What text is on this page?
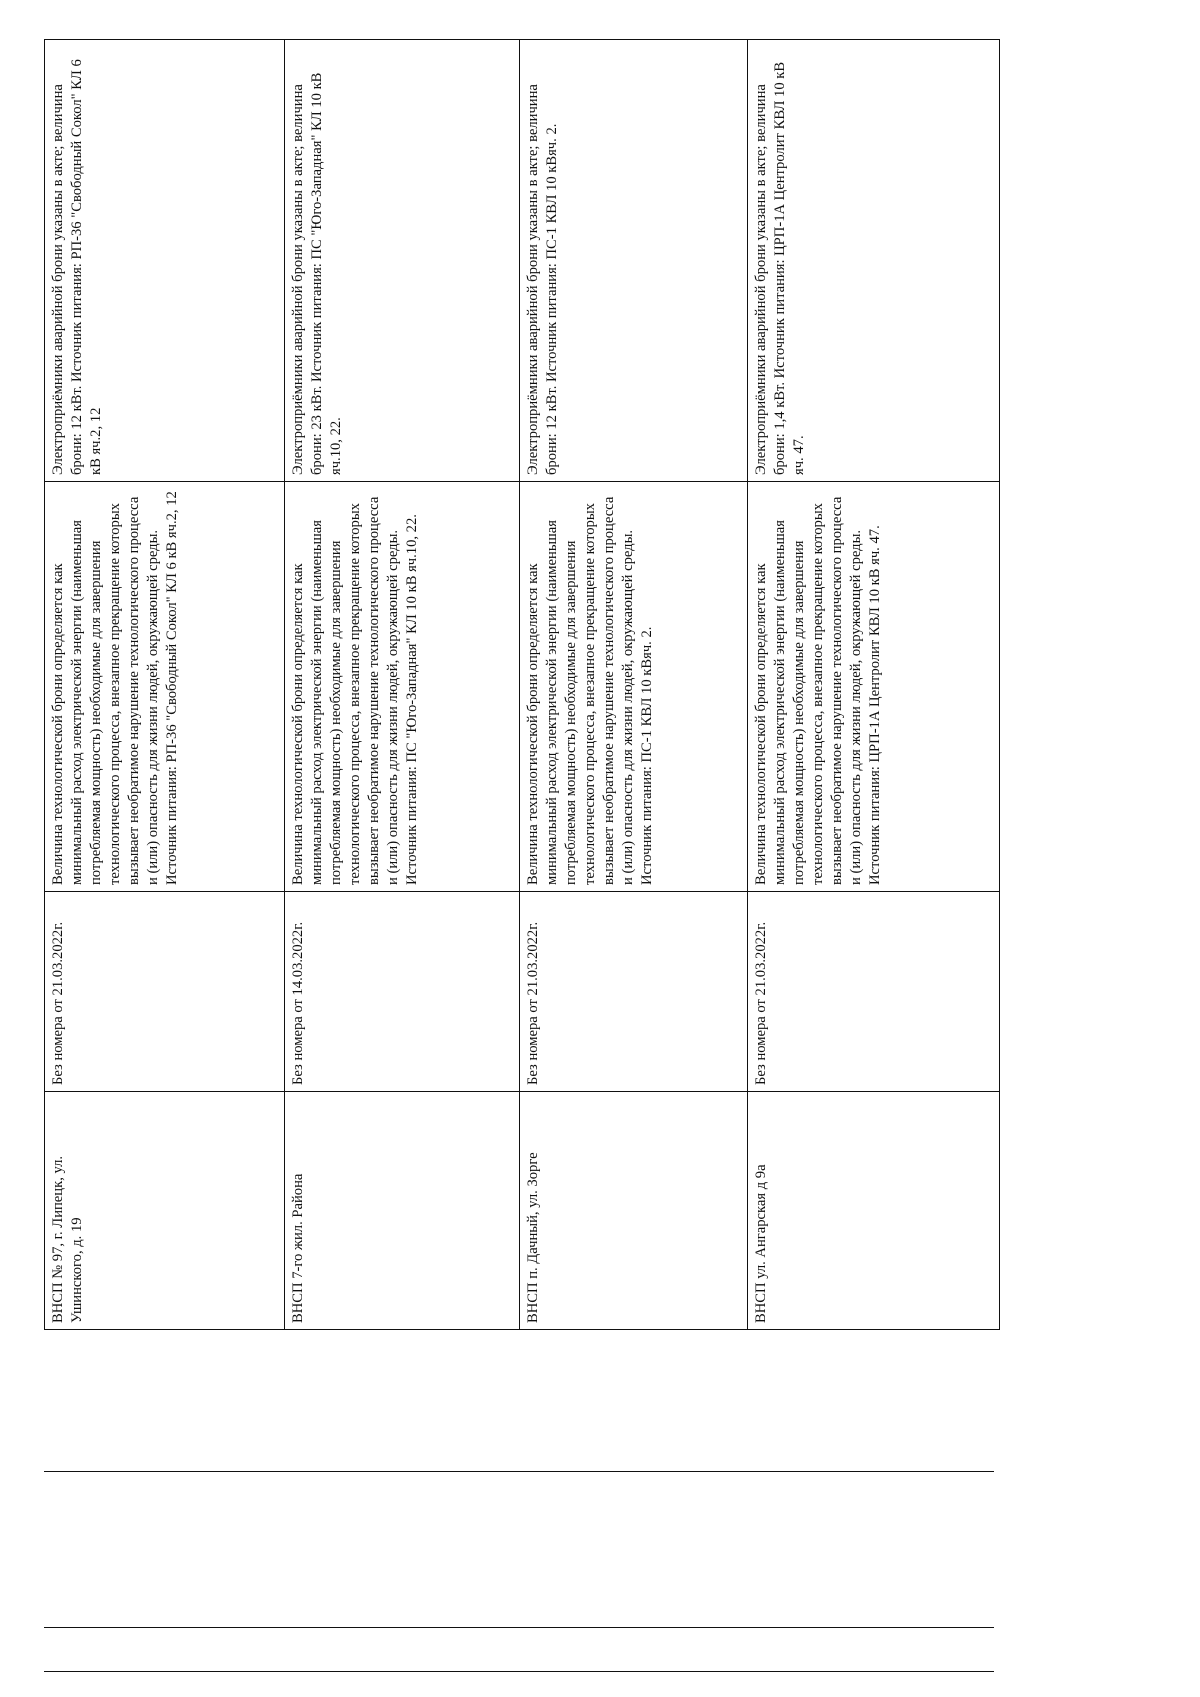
ВНСП № 97, г. Липецк, ул. Ушинского, д. 19	Без номера от 21.03.2022г.	Величина технологической брони определяется как минимальный расход электрической энергии (наименьшая потребляемая мощность) необходимые для завершения технологического процесса, внезапное прекращение которых вызывает необратимое нарушение технологического процесса и (или) опасность для жизни людей, окружающей среды. Источник питания: РП-36 "Свободный Сокол" КЛ 6 кВ яч.2, 12	Электроприёмники аварийной брони указаны в акте; величина брони: 12 кВт. Источник питания: РП-36 "Свободный Сокол" КЛ 6 кВ яч.2, 12
ВНСП 7-го жил. Района	Без номера от 14.03.2022г.	Величина технологической брони определяется как минимальный расход электрической энергии (наименьшая потребляемая мощность) необходимые для завершения технологического процесса, внезапное прекращение которых вызывает необратимое нарушение технологического процесса и (или) опасность для жизни людей, окружающей среды. Источник питания: ПС "Юго-Западная" КЛ 10 кВ яч.10, 22.	Электроприёмники аварийной брони указаны в акте; величина брони: 23 кВт. Источник питания: ПС "Юго-Западная" КЛ 10 кВ яч.10, 22.
ВНСП п. Дачный, ул. Зорге	Без номера от 21.03.2022г.	Величина технологической брони определяется как минимальный расход электрической энергии (наименьшая потребляемая мощность) необходимые для завершения технологического процесса, внезапное прекращение которых вызывает необратимое нарушение технологического процесса и (или) опасность для жизни людей, окружающей среды. Источник питания: ПС-1 КВЛ 10 кВяч. 2.	Электроприёмники аварийной брони указаны в акте; величина брони: 12 кВт. Источник питания: ПС-1 КВЛ 10 кВяч. 2.
ВНСП ул. Ангарская д 9а	Без номера от 21.03.2022г.	Величина технологической брони определяется как минимальный расход электрической энергии (наименьшая потребляемая мощность) необходимые для завершения технологического процесса, внезапное прекращение которых вызывает необратимое нарушение технологического процесса и (или) опасность для жизни людей, окружающей среды. Источник питания: ЦРП-1А Центролит КВЛ 10 кВ яч. 47.	Электроприёмники аварийной брони указаны в акте; величина брони: 1,4 кВт. Источник питания: ЦРП-1А Центролит КВЛ 10 кВ яч. 47.
